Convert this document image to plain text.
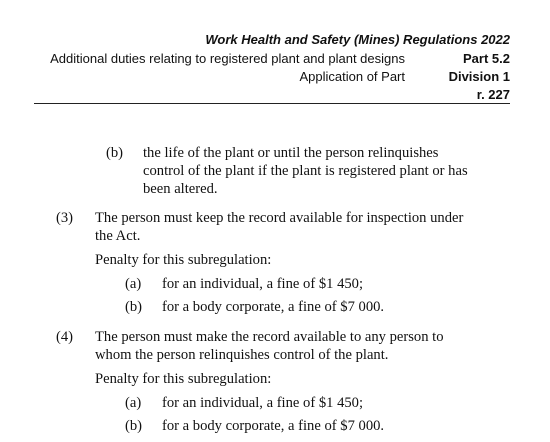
Work Health and Safety (Mines) Regulations 2022
Additional duties relating to registered plant and plant designs	Part 5.2
Application of Part	Division 1
r. 227
(b) the life of the plant or until the person relinquishes
control of the plant if the plant is registered plant or has
been altered.
(3) The person must keep the record available for inspection under
the Act.
Penalty for this subregulation:
(a) for an individual, a fine of $1 450;
(b) for a body corporate, a fine of $7 000.
(4) The person must make the record available to any person to
whom the person relinquishes control of the plant.
Penalty for this subregulation:
(a) for an individual, a fine of $1 450;
(b) for a body corporate, a fine of $7 000.
